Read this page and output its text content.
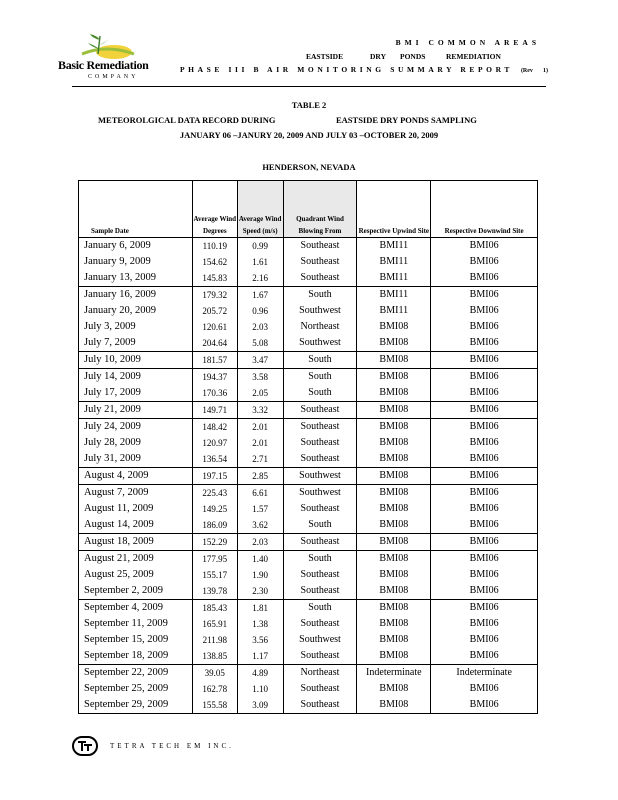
Basic Remediation
COMPANY
BMI COMMON AREAS
EASTSIDE	DRY PONDS	REMEDIATION
PHASE III B AIR MONITORING SUMMARY REPORT (Rev 1)
TABLE 2
METEOROLGICAL DATA RECORD DURING	EASTSIDE DRY PONDS SAMPLING
JANUARY 06 –JANURY 20, 2009 AND JULY 03 –OCTOBER 20, 2009
HENDERSON, NEVADA
Sample Date	Average Wind Degrees	Average Wind Speed (m/s)	Quadrant Wind Blowing From	Respective Upwind Site	Respective Downwind Site
January 6, 2009	110.19	0.99	Southeast	BMI11	BMI06
January 9, 2009	154.62	1.61	Southeast	BMI11	BMI06
January 13, 2009	145.83	2.16	Southeast	BMI11	BMI06
January 16, 2009	179.32	1.67	South	BMI11	BMI06
January 20, 2009	205.72	0.96	Southwest	BMI11	BMI06
July 3, 2009	120.61	2.03	Northeast	BMI08	BMI06
July 7, 2009	204.64	5.08	Southwest	BMI08	BMI06
July 10, 2009	181.57	3.47	South	BMI08	BMI06
July 14, 2009	194.37	3.58	South	BMI08	BMI06
July 17, 2009	170.36	2.05	South	BMI08	BMI06
July 21, 2009	149.71	3.32	Southeast	BMI08	BMI06
July 24, 2009	148.42	2.01	Southeast	BMI08	BMI06
July 28, 2009	120.97	2.01	Southeast	BMI08	BMI06
July 31, 2009	136.54	2.71	Southeast	BMI08	BMI06
August 4, 2009	197.15	2.85	Southwest	BMI08	BMI06
August 7, 2009	225.43	6.61	Southwest	BMI08	BMI06
August 11, 2009	149.25	1.57	Southeast	BMI08	BMI06
August 14, 2009	186.09	3.62	South	BMI08	BMI06
August 18, 2009	152.29	2.03	Southeast	BMI08	BMI06
August 21, 2009	177.95	1.40	South	BMI08	BMI06
August 25, 2009	155.17	1.90	Southeast	BMI08	BMI06
September 2, 2009	139.78	2.30	Southeast	BMI08	BMI06
September 4, 2009	185.43	1.81	South	BMI08	BMI06
September 11, 2009	165.91	1.38	Southeast	BMI08	BMI06
September 15, 2009	211.98	3.56	Southwest	BMI08	BMI06
September 18, 2009	138.85	1.17	Southeast	BMI08	BMI06
September 22, 2009	39.05	4.89	Northeast	Indeterminate	Indeterminate
September 25, 2009	162.78	1.10	Southeast	BMI08	BMI06
September 29, 2009	155.58	3.09	Southeast	BMI08	BMI06
TETRA TECH EM INC.
